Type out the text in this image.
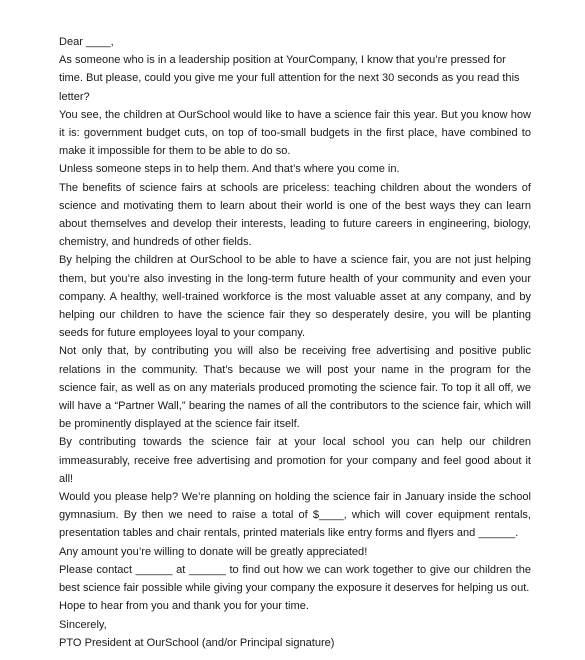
Dear ____,

As someone who is in a leadership position at YourCompany, I know that you’re pressed for time. But please, could you give me your full attention for the next 30 seconds as you read this letter?

You see, the children at OurSchool would like to have a science fair this year. But you know how it is: government budget cuts, on top of too-small budgets in the first place, have combined to make it impossible for them to be able to do so.

Unless someone steps in to help them. And that’s where you come in.

The benefits of science fairs at schools are priceless: teaching children about the wonders of science and motivating them to learn about their world is one of the best ways they can learn about themselves and develop their interests, leading to future careers in engineering, biology, chemistry, and hundreds of other fields.

By helping the children at OurSchool to be able to have a science fair, you are not just helping them, but you’re also investing in the long-term future health of your community and even your company. A healthy, well-trained workforce is the most valuable asset at any company, and by helping our children to have the science fair they so desperately desire, you will be planting seeds for future employees loyal to your company.

Not only that, by contributing you will also be receiving free advertising and positive public relations in the community. That’s because we will post your name in the program for the science fair, as well as on any materials produced promoting the science fair. To top it all off, we will have a “Partner Wall,” bearing the names of all the contributors to the science fair, which will be prominently displayed at the science fair itself.

By contributing towards the science fair at your local school you can help our children immeasurably, receive free advertising and promotion for your company and feel good about it all!

Would you please help? We’re planning on holding the science fair in January inside the school gymnasium. By then we need to raise a total of $____, which will cover equipment rentals, presentation tables and chair rentals, printed materials like entry forms and flyers and ______.

Any amount you’re willing to donate will be greatly appreciated!

Please contact ______ at ______ to find out how we can work together to give our children the best science fair possible while giving your company the exposure it deserves for helping us out.

Hope to hear from you and thank you for your time.

Sincerely,

PTO President at OurSchool (and/or Principal signature)
